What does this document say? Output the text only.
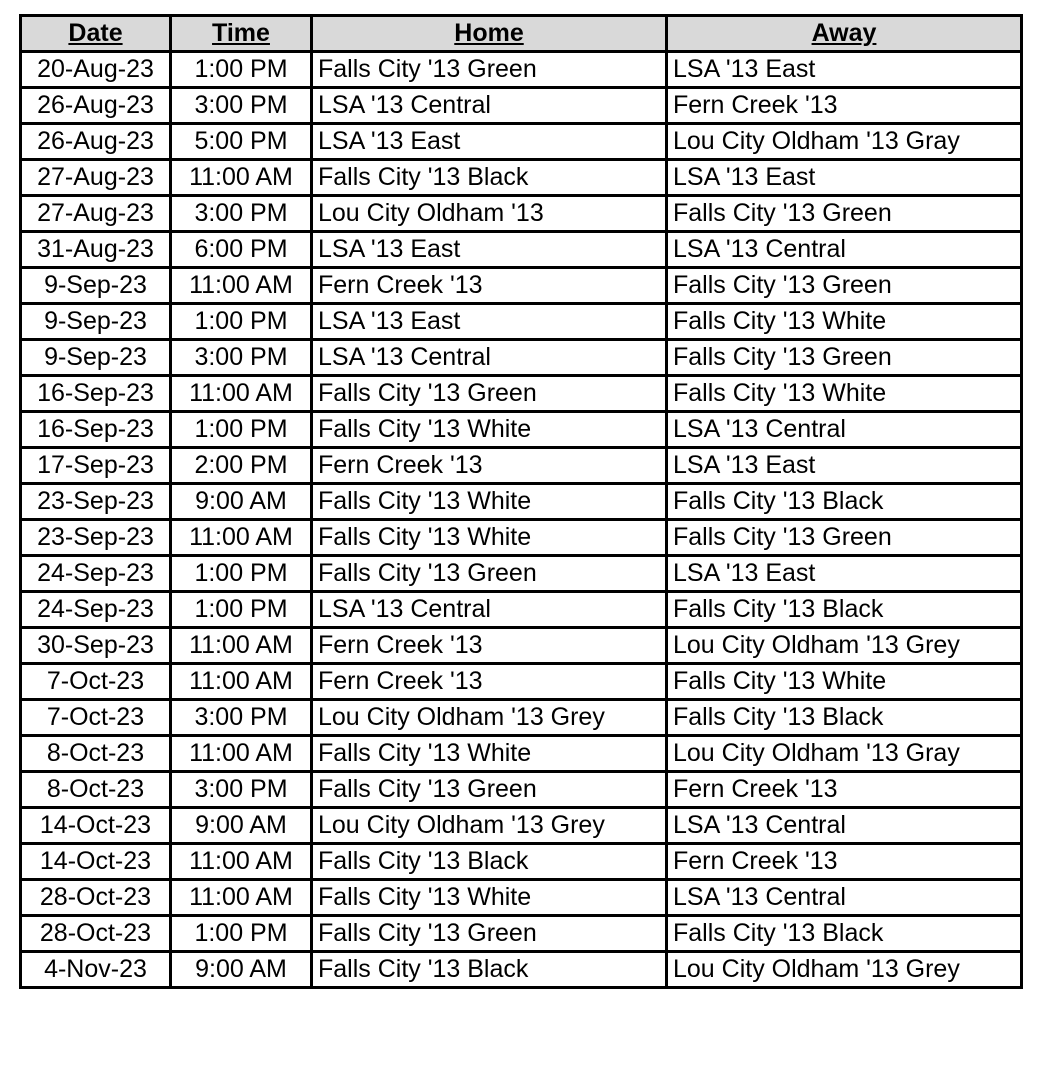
Date	Time	Home	Away
20-Aug-23	1:00 PM	Falls City '13 Green	LSA '13 East
26-Aug-23	3:00 PM	LSA '13 Central	Fern Creek '13
26-Aug-23	5:00 PM	LSA '13 East	Lou City Oldham '13 Gray
27-Aug-23	11:00 AM	Falls City '13 Black	LSA '13 East
27-Aug-23	3:00 PM	Lou City Oldham '13	Falls City '13 Green
31-Aug-23	6:00 PM	LSA '13 East	LSA '13 Central
9-Sep-23	11:00 AM	Fern Creek '13	Falls City '13 Green
9-Sep-23	1:00 PM	LSA '13 East	Falls City '13 White
9-Sep-23	3:00 PM	LSA '13 Central	Falls City '13 Green
16-Sep-23	11:00 AM	Falls City '13 Green	Falls City '13 White
16-Sep-23	1:00 PM	Falls City '13 White	LSA '13 Central
17-Sep-23	2:00 PM	Fern Creek '13	LSA '13 East
23-Sep-23	9:00 AM	Falls City '13 White	Falls City '13 Black
23-Sep-23	11:00 AM	Falls City '13 White	Falls City '13 Green
24-Sep-23	1:00 PM	Falls City '13 Green	LSA '13 East
24-Sep-23	1:00 PM	LSA '13 Central	Falls City '13 Black
30-Sep-23	11:00 AM	Fern Creek '13	Lou City Oldham '13 Grey
7-Oct-23	11:00 AM	Fern Creek '13	Falls City '13 White
7-Oct-23	3:00 PM	Lou City Oldham '13 Grey	Falls City '13 Black
8-Oct-23	11:00 AM	Falls City '13 White	Lou City Oldham '13 Gray
8-Oct-23	3:00 PM	Falls City '13 Green	Fern Creek '13
14-Oct-23	9:00 AM	Lou City Oldham '13 Grey	LSA '13 Central
14-Oct-23	11:00 AM	Falls City '13 Black	Fern Creek '13
28-Oct-23	11:00 AM	Falls City '13 White	LSA '13 Central
28-Oct-23	1:00 PM	Falls City '13 Green	Falls City '13 Black
4-Nov-23	9:00 AM	Falls City '13 Black	Lou City Oldham '13 Grey
